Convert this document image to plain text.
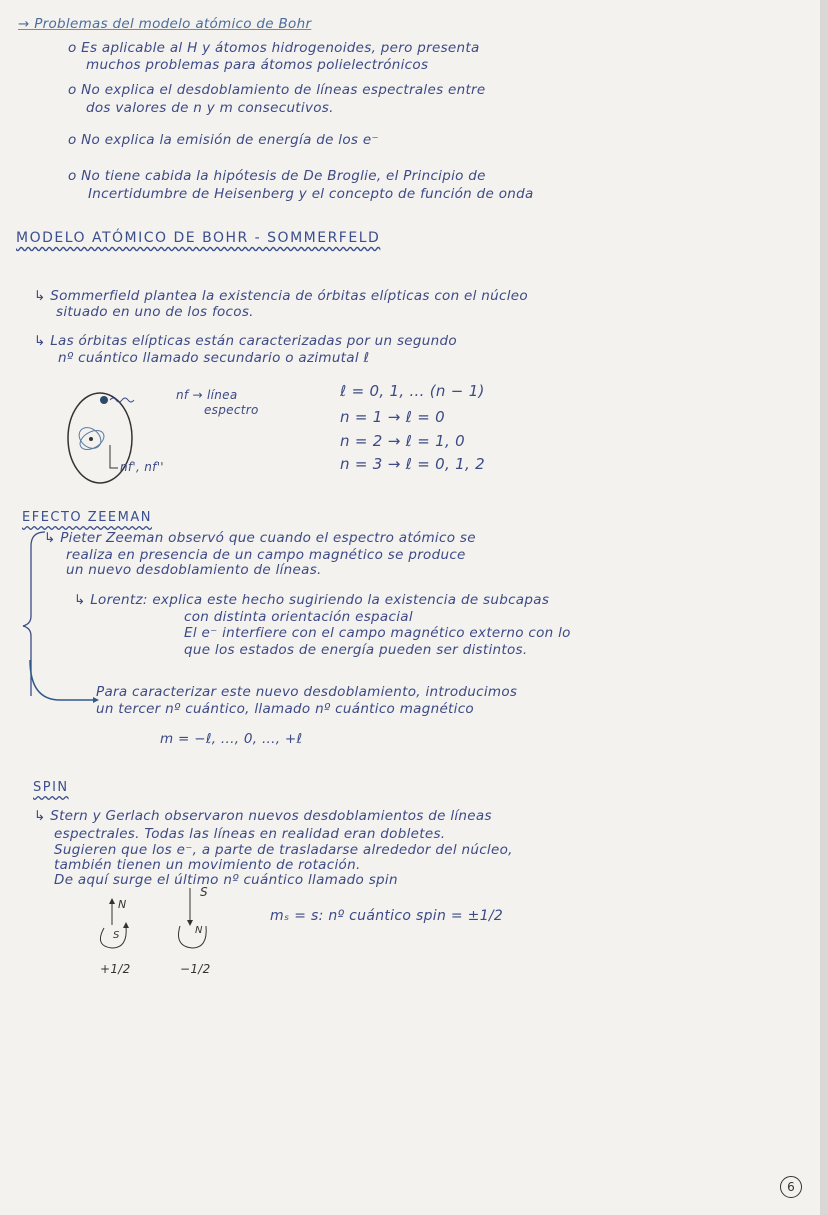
→ Problemas del modelo atómico de Bohr
o Es aplicable al H y átomos hidrogenoides, pero presenta
muchos problemas para átomos polielectrónicos
o No explica el desdoblamiento de líneas espectrales entre
dos valores de n y m consecutivos.
o No explica la emisión de energía de los e⁻
o No tiene cabida la hipótesis de De Broglie, el Principio de
Incertidumbre de Heisenberg y el concepto de función de onda
MODELO ATÓMICO DE BOHR - SOMMERFELD
↳ Sommerfield plantea la existencia de órbitas elípticas con el núcleo
situado en uno de los focos.
↳ Las órbitas elípticas están caracterizadas por un segundo
nº cuántico llamado secundario o azimutal ℓ
nf → línea
espectro
nf', nf''
ℓ = 0, 1, ... (n − 1)
n = 1 → ℓ = 0
n = 2 → ℓ = 1, 0
n = 3 → ℓ = 0, 1, 2
EFECTO ZEEMAN
↳ Pieter Zeeman observó que cuando el espectro atómico se
realiza en presencia de un campo magnético se produce
un nuevo desdoblamiento de líneas.
↳ Lorentz: explica este hecho sugiriendo la existencia de subcapas
con distinta orientación espacial
El e⁻ interfiere con el campo magnético externo con lo
que los estados de energía pueden ser distintos.
Para caracterizar este nuevo desdoblamiento, introducimos
un tercer nº cuántico, llamado nº cuántico magnético
m = −ℓ, ..., 0, ..., +ℓ
SPIN
↳ Stern y Gerlach observaron nuevos desdoblamientos de líneas
espectrales. Todas las líneas en realidad eran dobletes.
Sugieren que los e⁻, a parte de trasladarse alrededor del núcleo,
también tienen un movimiento de rotación.
De aquí surge el último nº cuántico llamado spin
N
S
+1/2
S
N
−1/2
mₛ = s: nº cuántico spin = ±1/2
6
